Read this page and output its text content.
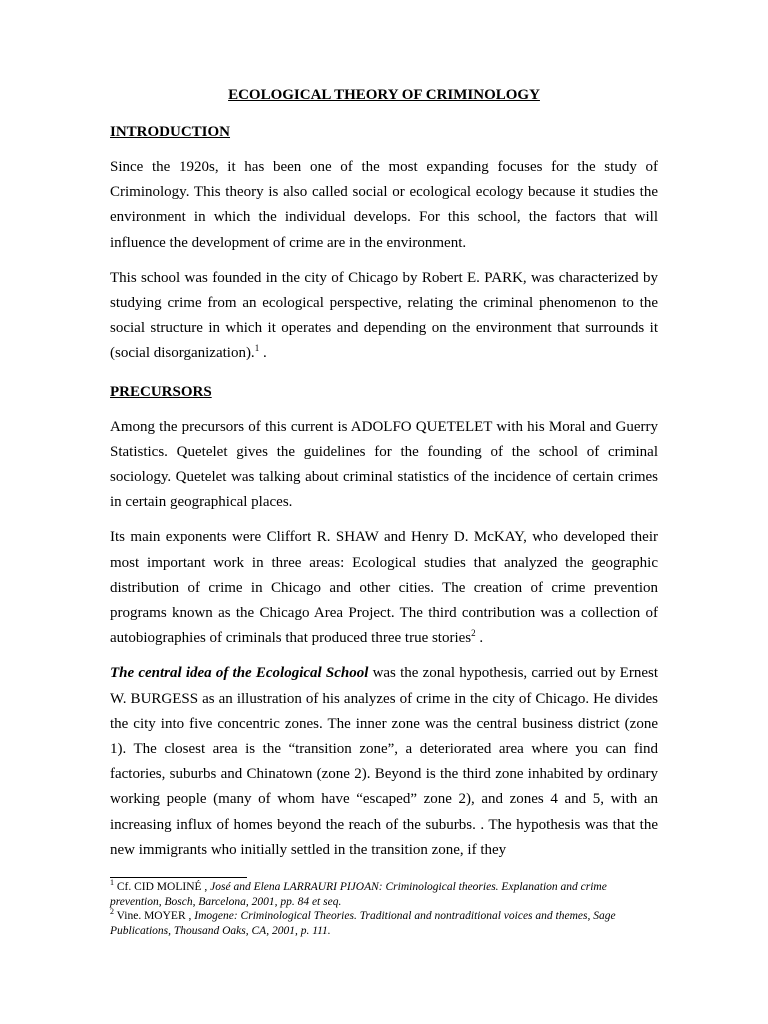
ECOLOGICAL THEORY OF CRIMINOLOGY
INTRODUCTION

Since the 1920s, it has been one of the most expanding focuses for the study of Criminology. This theory is also called social or ecological ecology because it studies the environment in which the individual develops. For this school, the factors that will influence the development of crime are in the environment.

This school was founded in the city of Chicago by Robert E. PARK, was characterized by studying crime from an ecological perspective, relating the criminal phenomenon to the social structure in which it operates and depending on the environment that surrounds it (social disorganization).$^1$ .

PRECURSORS

Among the precursors of this current is ADOLFO QUETELET with his Moral and Guerry Statistics. Quetelet gives the guidelines for the founding of the school of criminal sociology. Quetelet was talking about criminal statistics of the incidence of certain crimes in certain geographical places.

Its main exponents were Cliffort R. SHAW and Henry D. McKAY, who developed their most important work in three areas: Ecological studies that analyzed the geographic distribution of crime in Chicago and other cities. The creation of crime prevention programs known as the Chicago Area Project. The third contribution was a collection of autobiographies of criminals that produced three true stories$^2$ .

The central idea of the Ecological School was the zonal hypothesis, carried out by Ernest W. BURGESS as an illustration of his analyzes of crime in the city of Chicago. He divides the city into five concentric zones. The inner zone was the central business district (zone 1). The closest area is the “transition zone”, a deteriorated area where you can find factories, suburbs and Chinatown (zone 2). Beyond is the third zone inhabited by ordinary working people (many of whom have “escaped” zone 2), and zones 4 and 5, with an increasing influx of homes beyond the reach of the suburbs. . The hypothesis was that the new immigrants who initially settled in the transition zone, if they

$^1$ Cf. CID MOLINÉ , José and Elena LARRAURI PIJOAN: Criminological theories. Explanation and crime prevention, Bosch, Barcelona, 2001, pp. 84 et seq.

$^2$ Vine. MOYER , Imogene: Criminological Theories. Traditional and nontraditional voices and themes, Sage Publications, Thousand Oaks, CA, 2001, p. 111.
